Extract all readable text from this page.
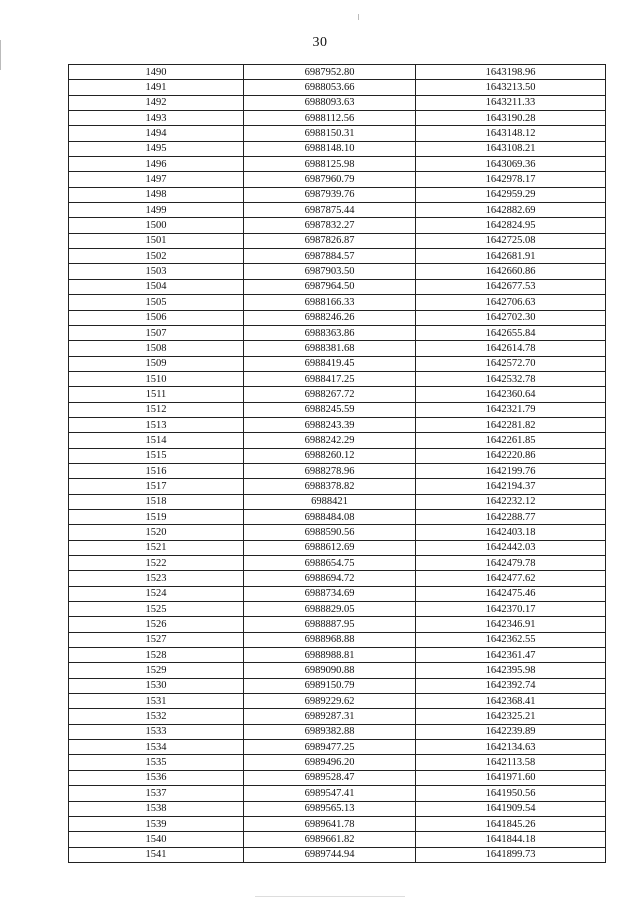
30
1490	6987952.80	1643198.96
1491	6988053.66	1643213.50
1492	6988093.63	1643211.33
1493	6988112.56	1643190.28
1494	6988150.31	1643148.12
1495	6988148.10	1643108.21
1496	6988125.98	1643069.36
1497	6987960.79	1642978.17
1498	6987939.76	1642959.29
1499	6987875.44	1642882.69
1500	6987832.27	1642824.95
1501	6987826.87	1642725.08
1502	6987884.57	1642681.91
1503	6987903.50	1642660.86
1504	6987964.50	1642677.53
1505	6988166.33	1642706.63
1506	6988246.26	1642702.30
1507	6988363.86	1642655.84
1508	6988381.68	1642614.78
1509	6988419.45	1642572.70
1510	6988417.25	1642532.78
1511	6988267.72	1642360.64
1512	6988245.59	1642321.79
1513	6988243.39	1642281.82
1514	6988242.29	1642261.85
1515	6988260.12	1642220.86
1516	6988278.96	1642199.76
1517	6988378.82	1642194.37
1518	6988421	1642232.12
1519	6988484.08	1642288.77
1520	6988590.56	1642403.18
1521	6988612.69	1642442.03
1522	6988654.75	1642479.78
1523	6988694.72	1642477.62
1524	6988734.69	1642475.46
1525	6988829.05	1642370.17
1526	6988887.95	1642346.91
1527	6988968.88	1642362.55
1528	6988988.81	1642361.47
1529	6989090.88	1642395.98
1530	6989150.79	1642392.74
1531	6989229.62	1642368.41
1532	6989287.31	1642325.21
1533	6989382.88	1642239.89
1534	6989477.25	1642134.63
1535	6989496.20	1642113.58
1536	6989528.47	1641971.60
1537	6989547.41	1641950.56
1538	6989565.13	1641909.54
1539	6989641.78	1641845.26
1540	6989661.82	1641844.18
1541	6989744.94	1641899.73
